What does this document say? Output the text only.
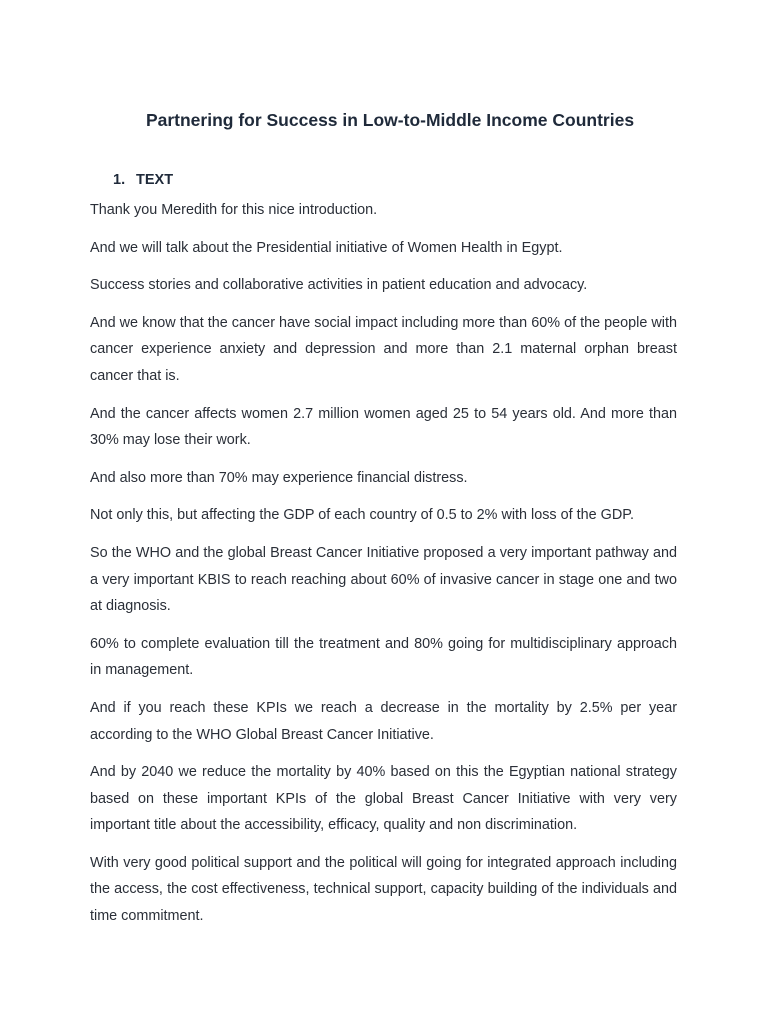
Partnering for Success in Low-to-Middle Income Countries
1. TEXT

Thank you Meredith for this nice introduction.

And we will talk about the Presidential initiative of Women Health in Egypt.

Success stories and collaborative activities in patient education and advocacy.

And we know that the cancer have social impact including more than 60% of the people with cancer experience anxiety and depression and more than 2.1 maternal orphan breast cancer that is.

And the cancer affects women 2.7 million women aged 25 to 54 years old. And more than 30% may lose their work.

And also more than 70% may experience financial distress.

Not only this, but affecting the GDP of each country of 0.5 to 2% with loss of the GDP.

So the WHO and the global Breast Cancer Initiative proposed a very important pathway and a very important KBIS to reach reaching about 60% of invasive cancer in stage one and two at diagnosis.

60% to complete evaluation till the treatment and 80% going for multidisciplinary approach in management.

And if you reach these KPIs we reach a decrease in the mortality by 2.5% per year according to the WHO Global Breast Cancer Initiative.

And by 2040 we reduce the mortality by 40% based on this the Egyptian national strategy based on these important KPIs of the global Breast Cancer Initiative with very very important title about the accessibility, efficacy, quality and non discrimination.

With very good political support and the political will going for integrated approach including the access, the cost effectiveness, technical support, capacity building of the individuals and time commitment.
